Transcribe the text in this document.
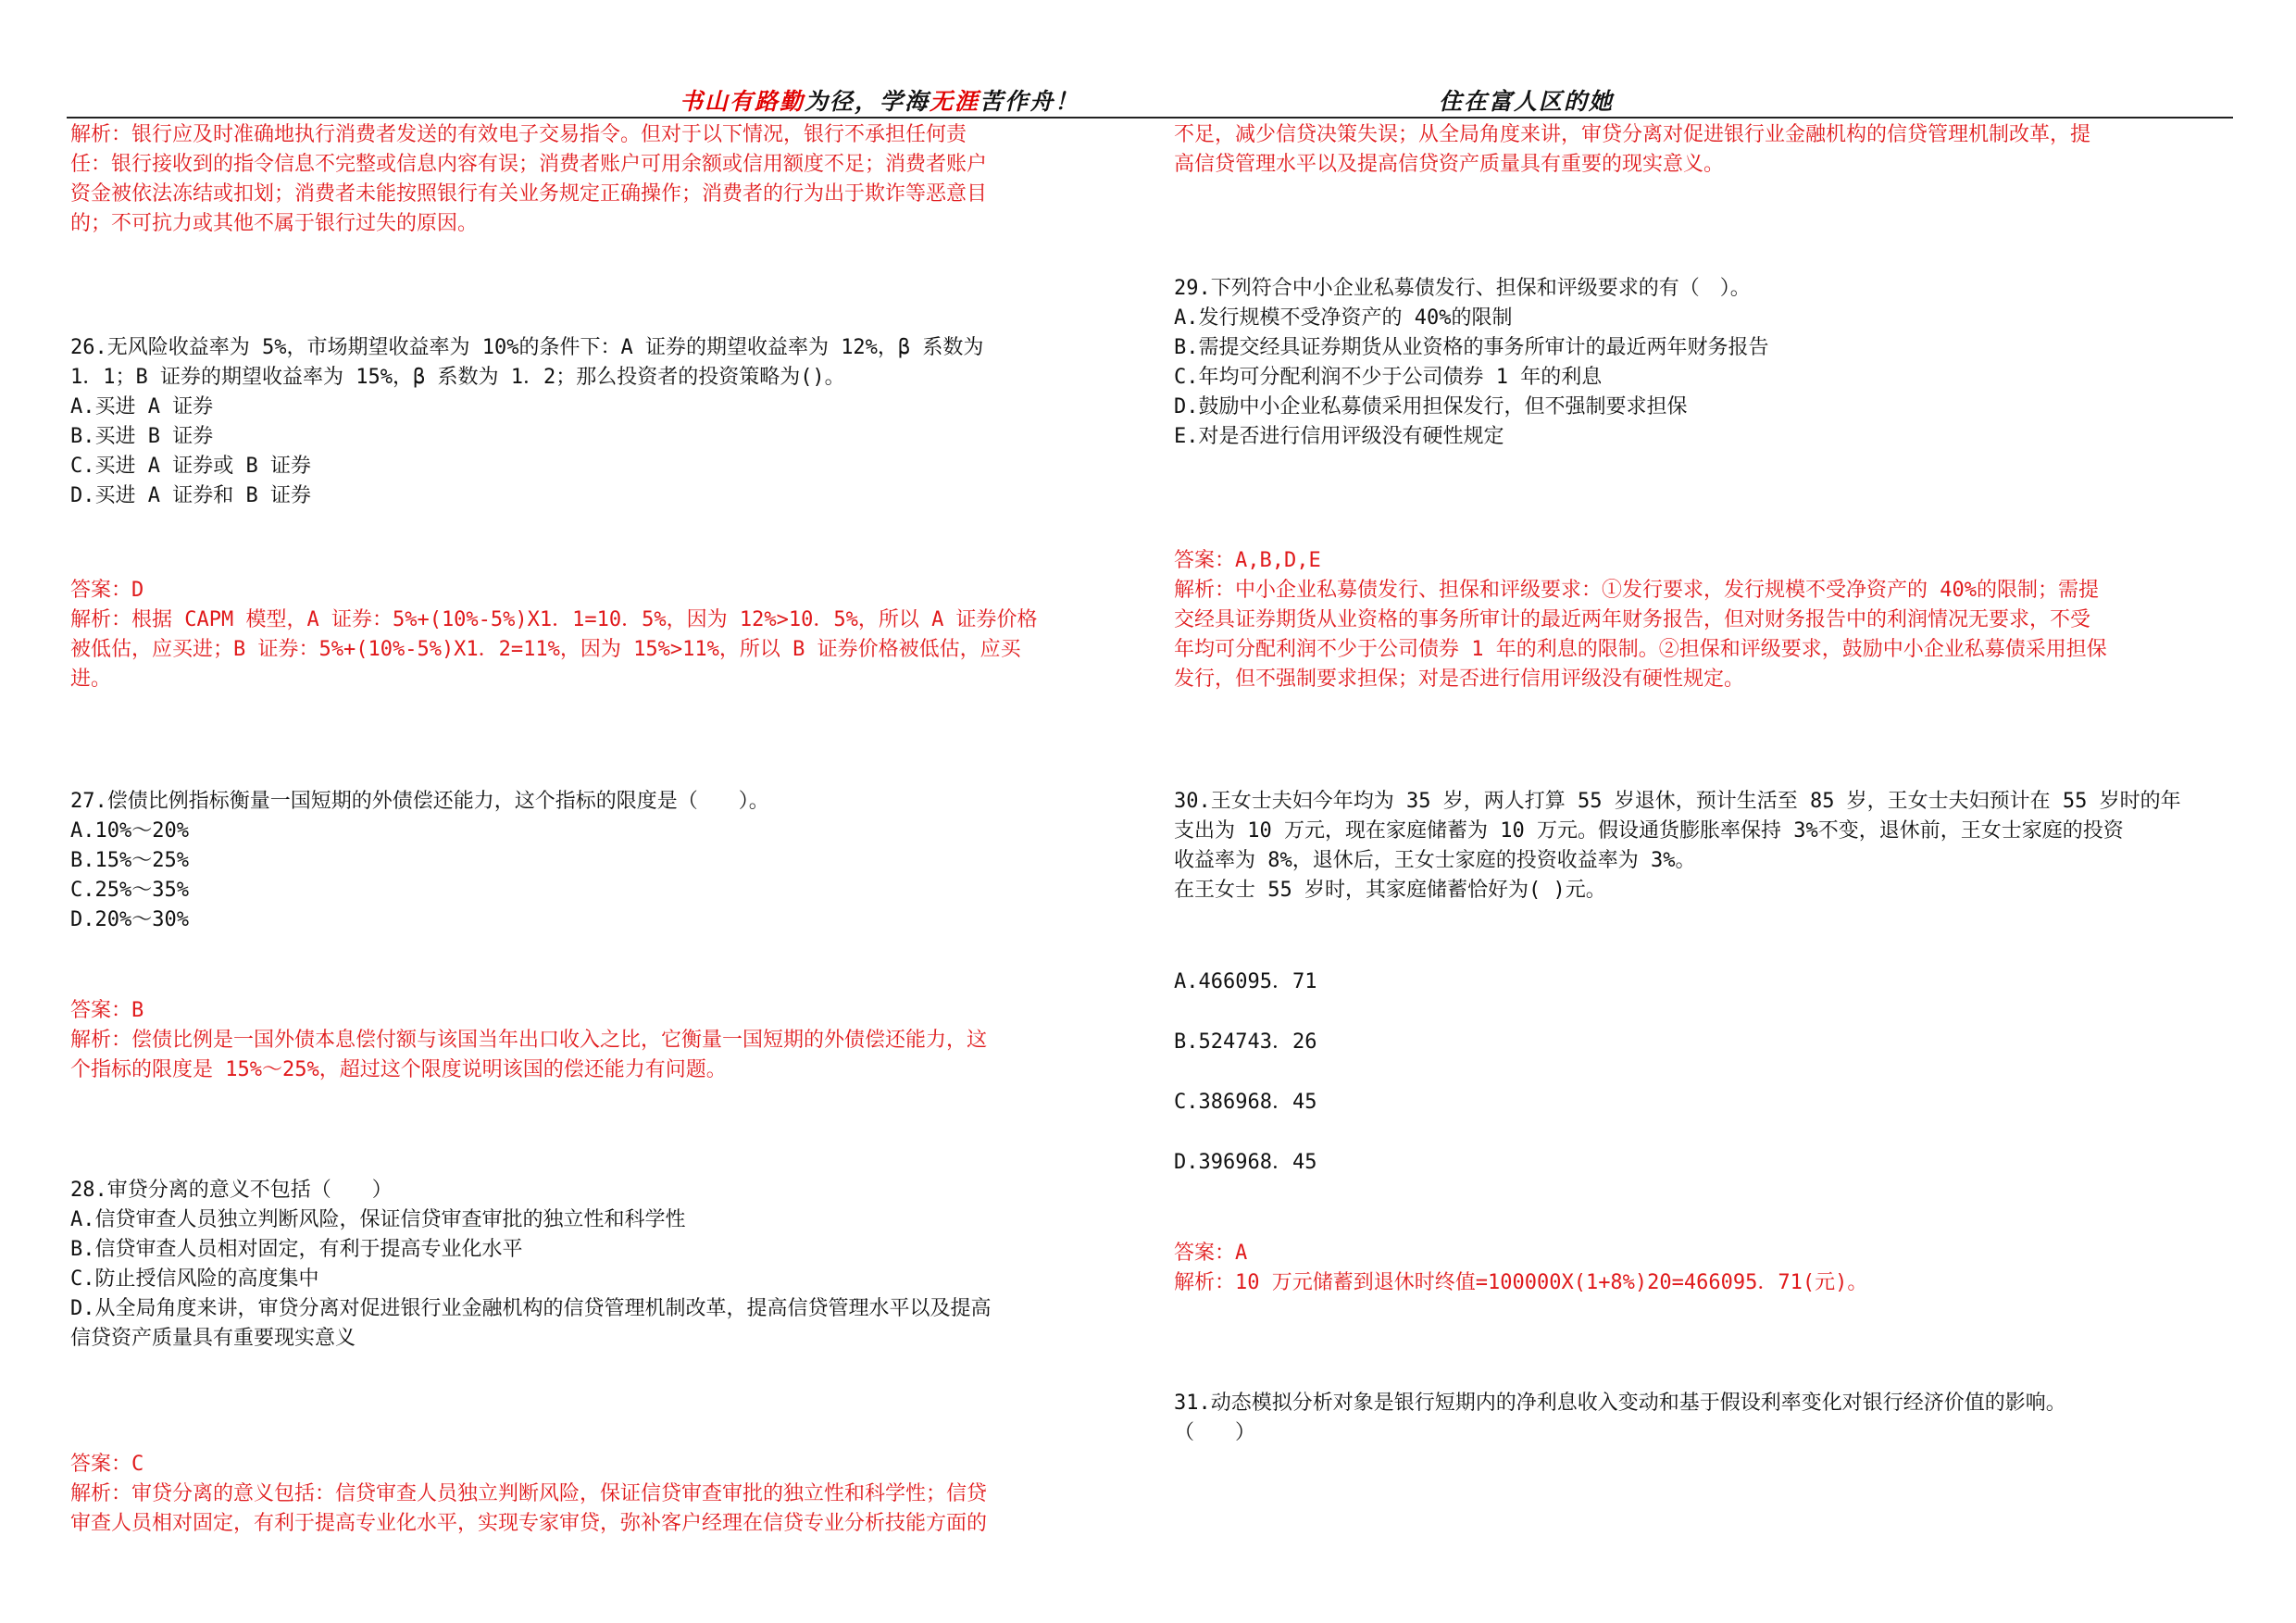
书山有路勤为径，学海无涯苦作舟！	住在富人区的她
解析：银行应及时准确地执行消费者发送的有效电子交易指令。但对于以下情况，银行不承担任何责
任：银行接收到的指令信息不完整或信息内容有误；消费者账户可用余额或信用额度不足；消费者账户
资金被依法冻结或扣划；消费者未能按照银行有关业务规定正确操作；消费者的行为出于欺诈等恶意目
的；不可抗力或其他不属于银行过失的原因。
26.无风险收益率为 5%，市场期望收益率为 10%的条件下：A 证券的期望收益率为 12%，β 系数为
1．1；B 证券的期望收益率为 15%，β 系数为 1．2；那么投资者的投资策略为()。
A.买进 A 证券
B.买进 B 证券
C.买进 A 证券或 B 证券
D.买进 A 证券和 B 证券
答案：D
解析：根据 CAPM 模型，A 证券：5%+(10%-5%)X1．1=10．5%，因为 12%>10．5%，所以 A 证券价格
被低估，应买进；B 证券：5%+(10%-5%)X1．2=11%，因为 15%>11%，所以 B 证券价格被低估，应买
进。
27.偿债比例指标衡量一国短期的外债偿还能力，这个指标的限度是（　　）。
A.10%～20%
B.15%～25%
C.25%～35%
D.20%～30%
答案：B
解析：偿债比例是一国外债本息偿付额与该国当年出口收入之比，它衡量一国短期的外债偿还能力，这
个指标的限度是 15%～25%，超过这个限度说明该国的偿还能力有问题。
28.审贷分离的意义不包括（　　）
A.信贷审查人员独立判断风险，保证信贷审查审批的独立性和科学性
B.信贷审查人员相对固定，有利于提高专业化水平
C.防止授信风险的高度集中
D.从全局角度来讲，审贷分离对促进银行业金融机构的信贷管理机制改革，提高信贷管理水平以及提高
信贷资产质量具有重要现实意义
答案：C
解析：审贷分离的意义包括：信贷审查人员独立判断风险，保证信贷审查审批的独立性和科学性；信贷
审查人员相对固定，有利于提高专业化水平，实现专家审贷，弥补客户经理在信贷专业分析技能方面的
不足，减少信贷决策失误；从全局角度来讲，审贷分离对促进银行业金融机构的信贷管理机制改革，提
高信贷管理水平以及提高信贷资产质量具有重要的现实意义。
29.下列符合中小企业私募债发行、担保和评级要求的有（　）。
A.发行规模不受净资产的 40%的限制
B.需提交经具证券期货从业资格的事务所审计的最近两年财务报告
C.年均可分配利润不少于公司债券 1 年的利息
D.鼓励中小企业私募债采用担保发行，但不强制要求担保
E.对是否进行信用评级没有硬性规定
答案：A,B,D,E
解析：中小企业私募债发行、担保和评级要求：①发行要求，发行规模不受净资产的 40%的限制；需提
交经具证券期货从业资格的事务所审计的最近两年财务报告，但对财务报告中的利润情况无要求，不受
年均可分配利润不少于公司债券 1 年的利息的限制。②担保和评级要求，鼓励中小企业私募债采用担保
发行，但不强制要求担保；对是否进行信用评级没有硬性规定。
30.王女士夫妇今年均为 35 岁，两人打算 55 岁退休，预计生活至 85 岁，王女士夫妇预计在 55 岁时的年
支出为 10 万元，现在家庭储蓄为 10 万元。假设通货膨胀率保持 3%不变，退休前，王女士家庭的投资
收益率为 8%，退休后，王女士家庭的投资收益率为 3%。
在王女士 55 岁时，其家庭储蓄恰好为( )元。
A.466095．71
B.524743．26
C.386968．45
D.396968．45
答案：A
解析：10 万元储蓄到退休时终值=100000X(1+8%)20=466095．71(元)。
31.动态模拟分析对象是银行短期内的净利息收入变动和基于假设利率变化对银行经济价值的影响。
（　　）
